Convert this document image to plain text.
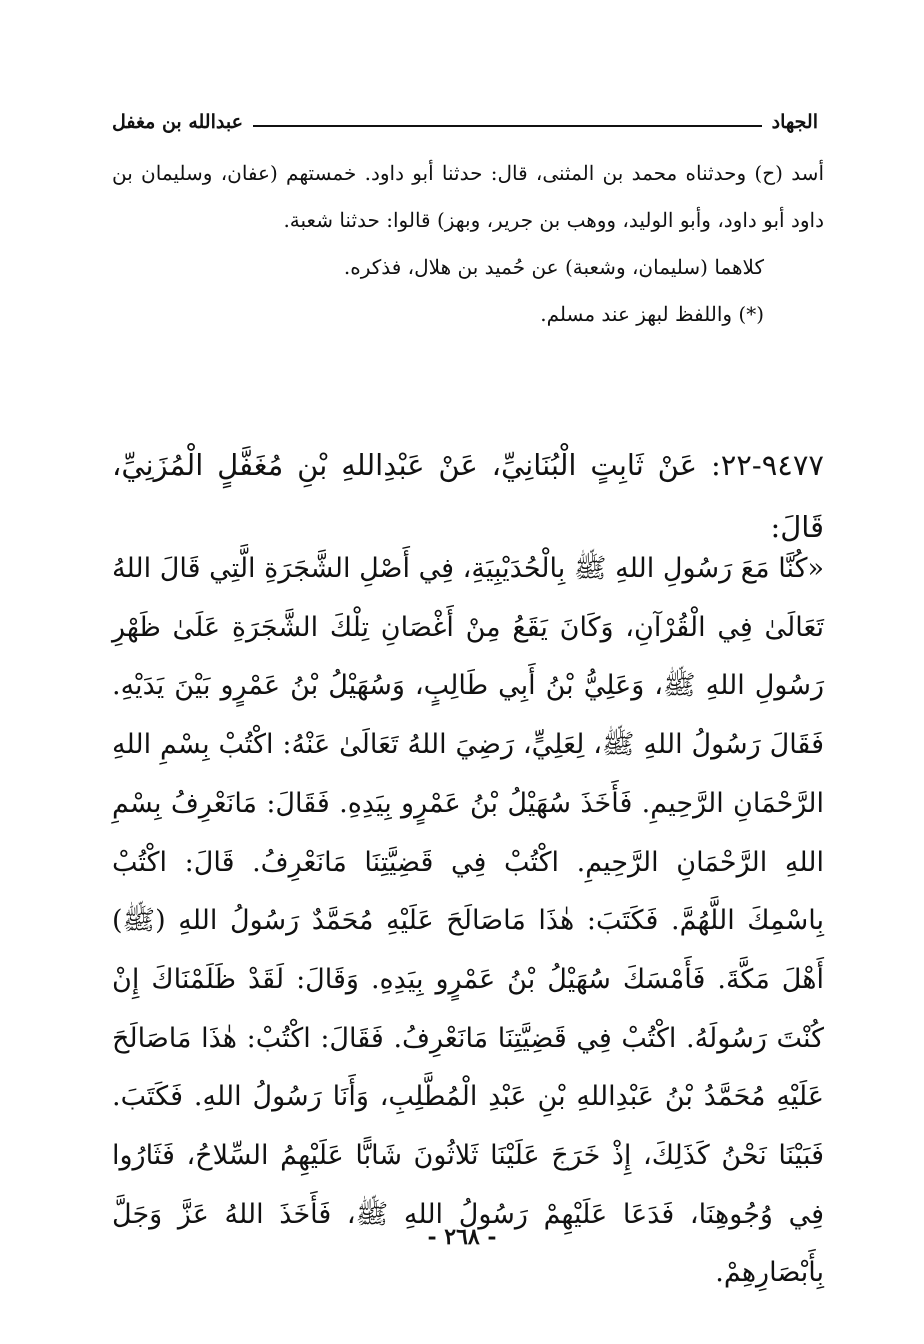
الجهاد
عبدالله بن مغفل

أسد (ح) وحدثناه محمد بن المثنى، قال: حدثنا أبو داود. خمستهم (عفان، وسليمان بن داود أبو داود، وأبو الوليد، ووهب بن جرير، وبهز) قالوا: حدثنا شعبة.

كلاهما (سليمان، وشعبة) عن حُميد بن هلال، فذكره.

(*) واللفظ لبهز عند مسلم.

٩٤٧٧-٢٢: عَنْ ثَابِتٍ الْبُنَانِيِّ، عَنْ عَبْدِاللهِ بْنِ مُغَفَّلٍ الْمُزَنِيِّ، قَالَ:
«كُنَّا مَعَ رَسُولِ اللهِ ﷺ بِالْحُدَيْبِيَةِ، فِي أَصْلِ الشَّجَرَةِ الَّتِي قَالَ اللهُ تَعَالَىٰ فِي الْقُرْآنِ، وَكَانَ يَقَعُ مِنْ أَغْصَانِ تِلْكَ الشَّجَرَةِ عَلَىٰ ظَهْرِ رَسُولِ اللهِ ﷺ، وَعَلِيُّ بْنُ أَبِي طَالِبٍ، وَسُهَيْلُ بْنُ عَمْرٍو بَيْنَ يَدَيْهِ. فَقَالَ رَسُولُ اللهِ ﷺ، لِعَلِيٍّ، رَضِيَ اللهُ تَعَالَىٰ عَنْهُ: اكْتُبْ بِسْمِ اللهِ الرَّحْمَانِ الرَّحِيمِ. فَأَخَذَ سُهَيْلُ بْنُ عَمْرٍو بِيَدِهِ. فَقَالَ: مَانَعْرِفُ بِسْمِ اللهِ الرَّحْمَانِ الرَّحِيمِ. اكْتُبْ فِي قَضِيَّتِنَا مَانَعْرِفُ. قَالَ: اكْتُبْ بِاسْمِكَ اللَّهُمَّ. فَكَتَبَ: هٰذَا مَاصَالَحَ عَلَيْهِ مُحَمَّدٌ رَسُولُ اللهِ (ﷺ) أَهْلَ مَكَّةَ. فَأَمْسَكَ سُهَيْلُ بْنُ عَمْرٍو بِيَدِهِ. وَقَالَ: لَقَدْ ظَلَمْنَاكَ إِنْ كُنْتَ رَسُولَهُ. اكْتُبْ فِي قَضِيَّتِنَا مَانَعْرِفُ. فَقَالَ: اكْتُبْ: هٰذَا مَاصَالَحَ عَلَيْهِ مُحَمَّدُ بْنُ عَبْدِاللهِ بْنِ عَبْدِ الْمُطَّلِبِ، وَأَنَا رَسُولُ اللهِ. فَكَتَبَ. فَبَيْنَا نَحْنُ كَذَلِكَ، إِذْ خَرَجَ عَلَيْنَا ثَلاثُونَ شَابًّا عَلَيْهِمُ السِّلاحُ، فَثَارُوا فِي وُجُوهِنَا، فَدَعَا عَلَيْهِمْ رَسُولُ اللهِ ﷺ، فَأَخَذَ اللهُ عَزَّ وَجَلَّ بِأَبْصَارِهِمْ.
- ٢٦٨ -
